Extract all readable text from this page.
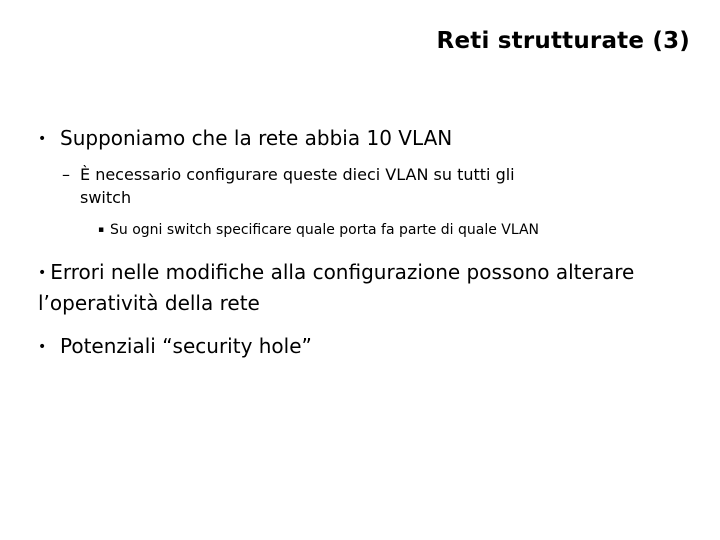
Reti strutturate (3)

• Supponiamo che la rete abbia 10 VLAN

– È necessario configurare queste dieci VLAN su tutti gli
switch

▪ Su ogni switch specificare quale porta fa parte di quale VLAN

• Errori nelle modifiche alla configurazione possono alterare l’operatività della rete

• Potenziali “security hole”
